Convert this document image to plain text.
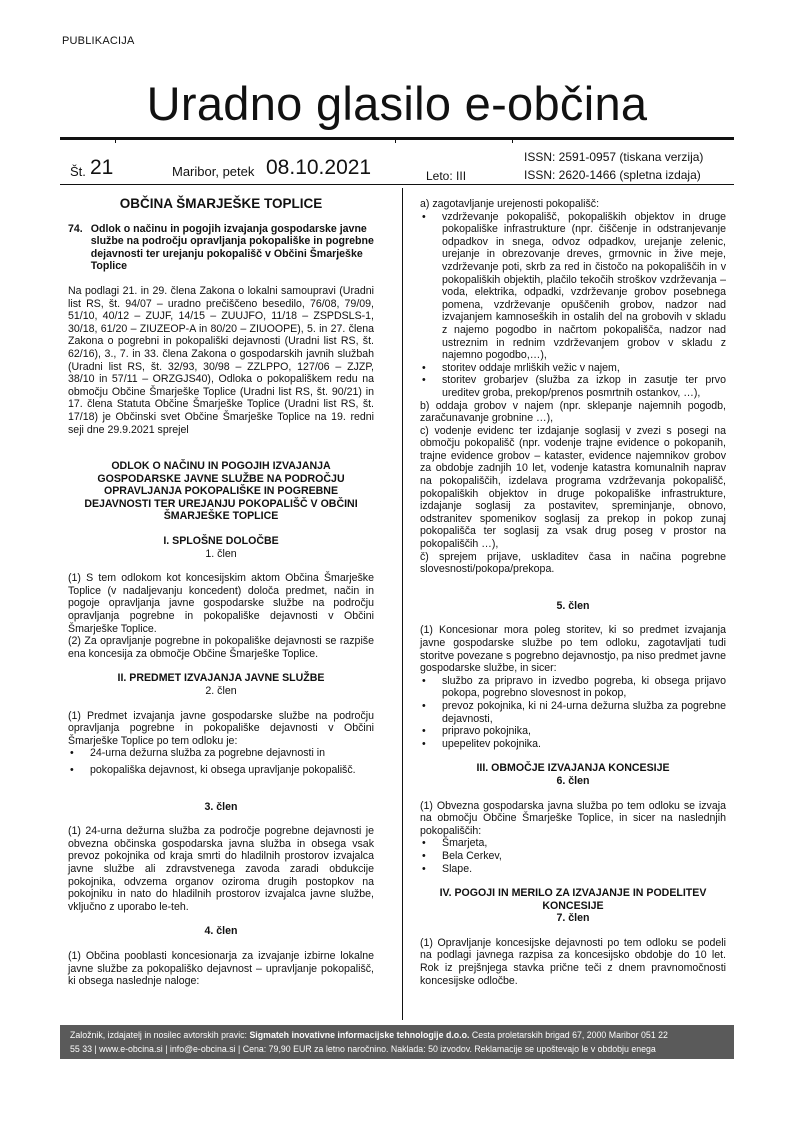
PUBLIKACIJA
Uradno glasilo e-občina
Št. 21	Maribor, petek 08.10.2021	Leto: III
ISSN: 2591-0957 (tiskana verzija)
ISSN: 2620-1466 (spletna izdaja)
OBČINA ŠMARJEŠKE TOPLICE
74. Odlok o načinu in pogojih izvajanja gospodarske javne službe na področju opravljanja pokopališke in pogrebne dejavnosti ter urejanju pokopališč v Občini Šmarješke Toplice
Na podlagi 21. in 29. člena Zakona o lokalni samoupravi (Uradni list RS, št. 94/07 – uradno prečiščeno besedilo, 76/08, 79/09, 51/10, 40/12 – ZUJF, 14/15 – ZUUJFO, 11/18 – ZSPDSLS-1, 30/18, 61/20 – ZIUZEOP-A in 80/20 – ZIUOOPE), 5. in 27. člena Zakona o pogrebni in pokopališki dejavnosti (Uradni list RS, št. 62/16), 3., 7. in 33. člena Zakona o gospodarskih javnih službah (Uradni list RS, št. 32/93, 30/98 – ZZLPPO, 127/06 – ZJZP, 38/10 in 57/11 – ORZGJS40), Odloka o pokopališkem redu na območju Občine Šmarješke Toplice (Uradni list RS, št. 90/21) in 17. člena Statuta Občine Šmarješke Toplice (Uradni list RS, št. 17/18) je Občinski svet Občine Šmarješke Toplice na 19. redni seji dne 29.9.2021 sprejel
ODLOK O NAČINU IN POGOJIH IZVAJANJA GOSPODARSKE JAVNE SLUŽBE NA PODROČJU OPRAVLJANJA POKOPALIŠKE IN POGREBNE DEJAVNOSTI TER UREJANJU POKOPALIŠČ V OBČINI ŠMARJEŠKE TOPLICE
I. SPLOŠNE DOLOČBE
1. člen
(1) S tem odlokom kot koncesijskim aktom Občina Šmarješke Toplice (v nadaljevanju koncedent) določa predmet, način in pogoje opravljanja javne gospodarske službe na področju opravljanja pogrebne in pokopališke dejavnosti v Občini Šmarješke Toplice.
(2) Za opravljanje pogrebne in pokopališke dejavnosti se razpiše ena koncesija za območje Občine Šmarješke Toplice.
II. PREDMET IZVAJANJA JAVNE SLUŽBE
2. člen
(1) Predmet izvajanja javne gospodarske službe na področju opravljanja pogrebne in pokopališke dejavnosti v Občini Šmarješke Toplice po tem odloku je:
• 24-urna dežurna služba za pogrebne dejavnosti in
• pokopališka dejavnost, ki obsega upravljanje pokopališč.
3. člen
(1) 24-urna dežurna služba za področje pogrebne dejavnosti je obvezna občinska gospodarska javna služba in obsega vsak prevoz pokojnika od kraja smrti do hladilnih prostorov izvajalca javne službe ali zdravstvenega zavoda zaradi obdukcije pokojnika, odvzema organov oziroma drugih postopkov na pokojniku in nato do hladilnih prostorov izvajalca javne službe, vključno z uporabo le-teh.
4. člen
(1) Občina pooblasti koncesionarja za izvajanje izbirne lokalne javne službe za pokopališko dejavnost – upravljanje pokopališč, ki obsega naslednje naloge:
a) zagotavljanje urejenosti pokopališč:
• vzdrževanje pokopališč, pokopaliških objektov in druge pokopališke infrastrukture (npr. čiščenje in odstranjevanje odpadkov in snega, odvoz odpadkov, urejanje zelenic, urejanje in obrezovanje dreves, grmovnic in žive meje, vzdrževanje poti, skrb za red in čistočo na pokopališčih in v pokopaliških objektih, plačilo tekočih stroškov vzdrževanja – voda, elektrika, odpadki, vzdrževanje grobov posebnega pomena, vzdrževanje opuščenih grobov, nadzor nad izvajanjem kamnoseških in ostalih del na grobovih v skladu z najemo pogodbo in načrtom pokopališča, nadzor nad ustreznim in rednim vzdrževanjem grobov v skladu z najemno pogodbo,…),
• storitev oddaje mrliških vežic v najem,
• storitev grobarjev (služba za izkop in zasutje ter prvo ureditev groba, prekop/prenos posmrtnih ostankov, …),
b) oddaja grobov v najem (npr. sklepanje najemnih pogodb, zaračunavanje grobnine …),
c) vodenje evidenc ter izdajanje soglasij v zvezi s posegi na območju pokopališč (npr. vodenje trajne evidence o pokopanih, trajne evidence grobov – kataster, evidence najemnikov grobov za obdobje zadnjih 10 let, vodenje katastra komunalnih naprav na pokopališčih, izdelava programa vzdrževanja pokopališč, pokopaliških objektov in druge pokopališke infrastrukture, izdajanje soglasij za postavitev, spreminjanje, obnovo, odstranitev spomenikov soglasij za prekop in pokop zunaj pokopališča ter soglasij za vsak drug poseg v prostor na pokopališčih …),
č) sprejem prijave, uskladitev časa in načina pogrebne slovesnosti/pokopa/prekopa.
5. člen
(1) Koncesionar mora poleg storitev, ki so predmet izvajanja javne gospodarske službe po tem odloku, zagotavljati tudi storitve povezane s pogrebno dejavnostjo, pa niso predmet javne gospodarske službe, in sicer:
• službo za pripravo in izvedbo pogreba, ki obsega prijavo pokopa, pogrebno slovesnost in pokop,
• prevoz pokojnika, ki ni 24-urna dežurna služba za pogrebne dejavnosti,
• pripravo pokojnika,
• upepelitev pokojnika.
III. OBMOČJE IZVAJANJA KONCESIJE
6. člen
(1) Obvezna gospodarska javna služba po tem odloku se izvaja na območju Občine Šmarješke Toplice, in sicer na naslednjih pokopališčih:
• Šmarjeta,
• Bela Cerkev,
• Slape.
IV. POGOJI IN MERILO ZA IZVAJANJE IN PODELITEV KONCESIJE
7. člen
(1) Opravljanje koncesijske dejavnosti po tem odloku se podeli na podlagi javnega razpisa za koncesijsko obdobje do 10 let. Rok iz prejšnjega stavka prične teči z dnem pravnomočnosti koncesijske odločbe.
Založnik, izdajatelj in nosilec avtorskih pravic: Sigmateh inovativne informacijske tehnologije d.o.o. Cesta proletarskih brigad 67, 2000 Maribor 051 22
55 33 | www.e-obcina.si | info@e-obcina.si | Cena: 79,90 EUR za letno naročnino. Naklada: 50 izvodov. Reklamacije se upoštevajo le v obdobju enega
